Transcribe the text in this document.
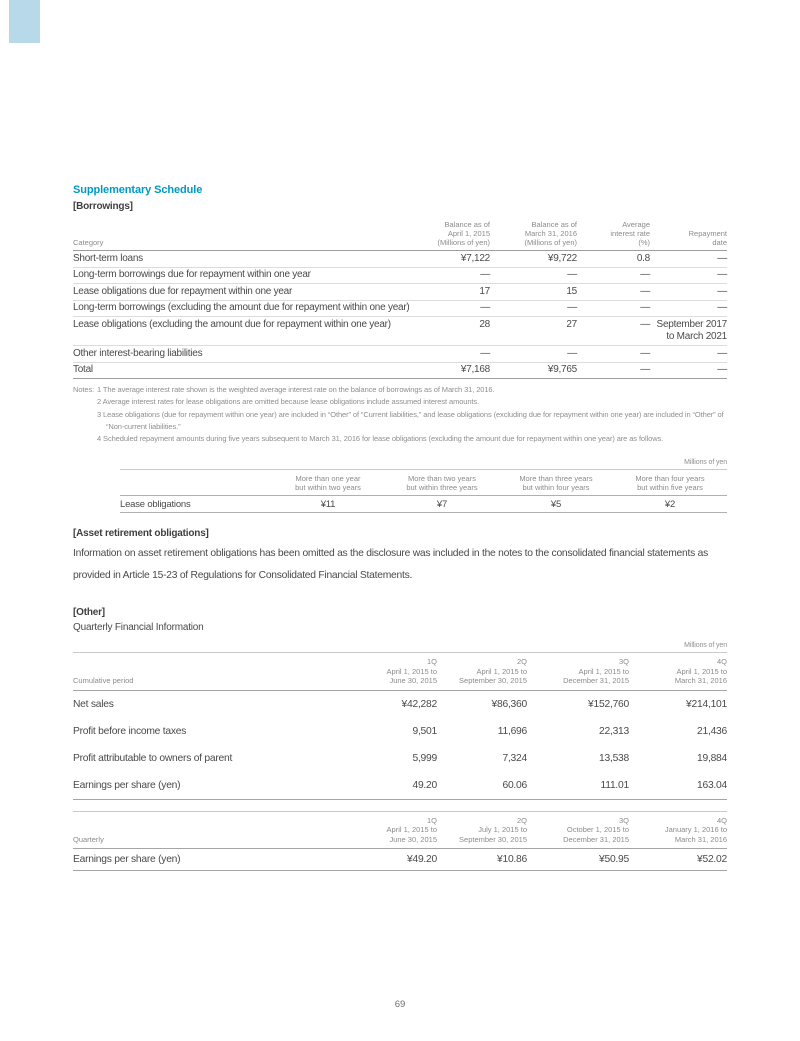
Supplementary Schedule
[Borrowings]
Category	
Balance as of
April 1, 2015
(Millions of yen)

Balance as of
March 31, 2016
(Millions of yen)

Average
interest rate
(%)

Repayment
date

Short-term loans	¥7,122	¥9,722	0.8	—
Long-term borrowings due for repayment within one year	—	—	—	—
Lease obligations due for repayment within one year	17	15	—	—
Long-term borrowings (excluding the amount due for repayment within one year)	—	—	—	—
Lease obligations (excluding the amount due for repayment within one year)	28	27	—	September 2017
to March 2021

Other interest-bearing liabilities	—	—	—	—
Total	¥7,168	¥9,765	—	—
Notes: 1 The average interest rate shown is the weighted average interest rate on the balance of borrowings as of March 31, 2016.
2 Average interest rates for lease obligations are omitted because lease obligations include assumed interest amounts.
3 Lease obligations (due for repayment within one year) are included in “Other” of “Current liabilities,” and lease obligations (excluding due for repayment within one year) are included in “Other” of “Non-current liabilities.”
4 Scheduled repayment amounts during five years subsequent to March 31, 2016 for lease obligations (excluding the amount due for repayment within one year) are as follows.
Millions of yen

More than one year
but within two years

More than two years
but within three years

More than three years
but within four years

More than four years
but within five years

Lease obligations	¥11	¥7	¥5	¥2
[Asset retirement obligations]

Information on asset retirement obligations has been omitted as the disclosure was included in the notes to the consolidated financial statements as provided in Article 15-23 of Regulations for Consolidated Financial Statements.

[Other]

Quarterly Financial Information

Millions of yen
Cumulative period	
1Q
April 1, 2015 to
June 30, 2015

2Q
April 1, 2015 to
September 30, 2015

3Q
April 1, 2015 to
December 31, 2015

4Q
April 1, 2015 to
March 31, 2016

Net sales	¥42,282	¥86,360	¥152,760	¥214,101
Profit before income taxes	9,501	11,696	22,313	21,436
Profit attributable to owners of parent	5,999	7,324	13,538	19,884
Earnings per share (yen)	49.20	60.06	111.01	163.04
Quarterly	
1Q
April 1, 2015 to
June 30, 2015

2Q
July 1, 2015 to
September 30, 2015

3Q
October 1, 2015 to
December 31, 2015

4Q
January 1, 2016 to
March 31, 2016

Earnings per share (yen)	¥49.20	¥10.86	¥50.95	¥52.02
69
